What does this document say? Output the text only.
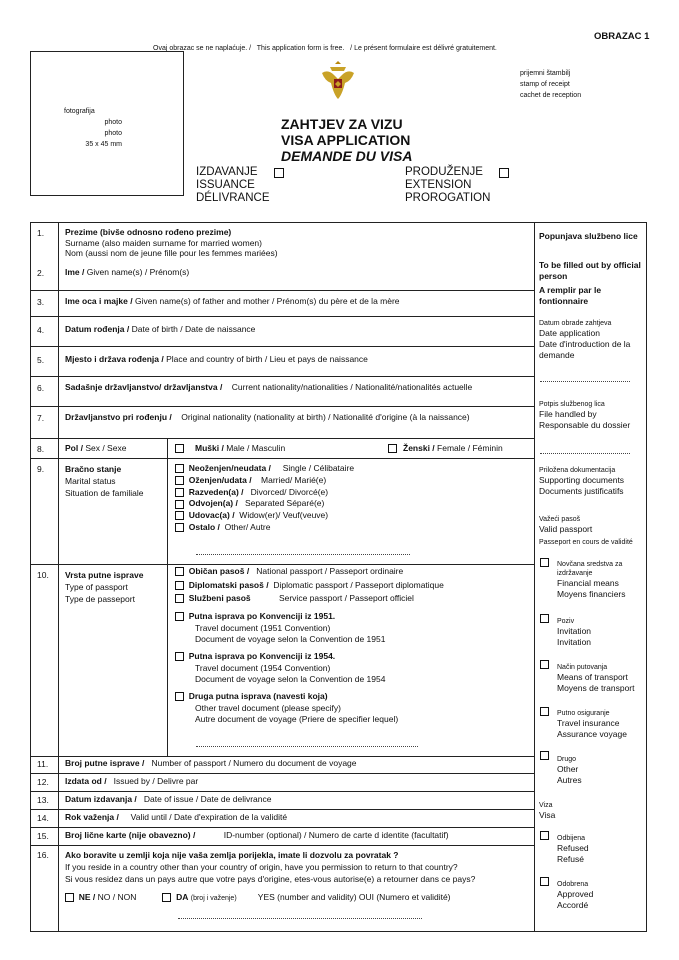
OBRAZAC 1
Ovaj obrazac se ne naplaćuje. / This application form is free. / Le présent formulaire est délivré gratuitement.
fotografija
photo
photo
35 x 45 mm
prijemni štambilj
stamp of receipt
cachet de reception
ZAHTJEV ZA VIZU
VISA APPLICATION
DEMANDE DU VISA
IZDAVANJE
ISSUANCE
DÉLIVRANCE
PRODUŽENJE
EXTENSION
PROROGATION
1. Prezime (bivše odnosno rođeno prezime)
Surname (also maiden surname for married women)
Nom (aussi nom de jeune fille pour les femmes mariées)
2. Ime / Given name(s) / Prénom(s)
3. Ime oca i majke / Given name(s) of father and mother / Prénom(s) du père et de la mère
4. Datum rođenja / Date of birth / Date de naissance
5. Mjesto i država rođenja / Place and country of birth / Lieu et pays de naissance
6. Sadašnje državljanstvo/ državljanstva / Current nationality/nationalities / Nationalité/nationalités actuelle
7. Državljanstvo pri rođenju / Original nationality (nationality at birth) / Nationalité d'origine (à la naissance)
8. Pol / Sex / Sexe	Muški / Male / Masculin	Ženski / Female / Féminin
9. Bračno stanje
Marital status
Situation de familiale
Neoženjen/neudata / Single / Célibataire
Oženjen/udata / Married/ Marié(e)
Razveden(a) / Divorced/ Divorcé(e)
Odvojen(a) / Separated Séparé(e)
Udovac(a) / Widow(er)/ Veuf(veuve)
Ostalo / Other/ Autre
10. Vrsta putne isprave
Type of passport
Type de passeport
Običan pasoš / National passport / Passeport ordinaire
Diplomatski pasoš / Diplomatic passport / Passeport diplomatique
Službeni pasoš	Service passport / Passeport officiel
Putna isprava po Konvenciji iz 1951.
Travel document (1951 Convention)
Document de voyage selon la Convention de 1951
Putna isprava po Konvenciji iz 1954.
Travel document (1954 Convention)
Document de voyage selon la Convention de 1954
Druga putna isprava (navesti koja)
Other travel document (please specify)
Autre document de voyage (Priere de specifier lequel)
11. Broj putne isprave / Number of passport / Numero du document de voyage
12. Izdata od / Issued by / Delivre par
13. Datum izdavanja / Date of issue / Date de delivrance
14. Rok važenja / Valid until / Date d'expiration de la validité
15. Broj lične karte (nije obavezno) /	ID-number (optional) / Numero de carte d identite (facultatif)
16. Ako boravite u zemlji koja nije vaša zemlja porijekla, imate li dozvolu za povratak ?
If you reside in a country other than your country of origin, have you permission to return to that country?
Si vous residez dans un pays autre que votre pays d'origine, etes-vous autorise(e) a retourner dans ce pays?
NE / NO / NON	DA (broj i važenje) YES (number and validity) OUI (Numero et validité)
Popunjava službeno lice
To be filled out by official person
A remplir par le fontionnaire
Datum obrade zahtjeva
Date application
Date d'introduction de la demande
Potpis službenog lica
File handled by
Responsable du dossier
Priložena dokumentacija
Supporting documents
Documents justificatifs
Važeći pasoš
Valid passport
Passeport en cours de validité
Novčana sredstva za izdržavanje
Financial means
Moyens financiers
Poziv
Invitation
Invitation
Način putovanja
Means of transport
Moyens de transport
Putno osiguranje
Travel insurance
Assurance voyage
Drugo
Other
Autres
Viza
Visa
Odbijena
Refused
Refusé
Odobrena
Approved
Accordé
